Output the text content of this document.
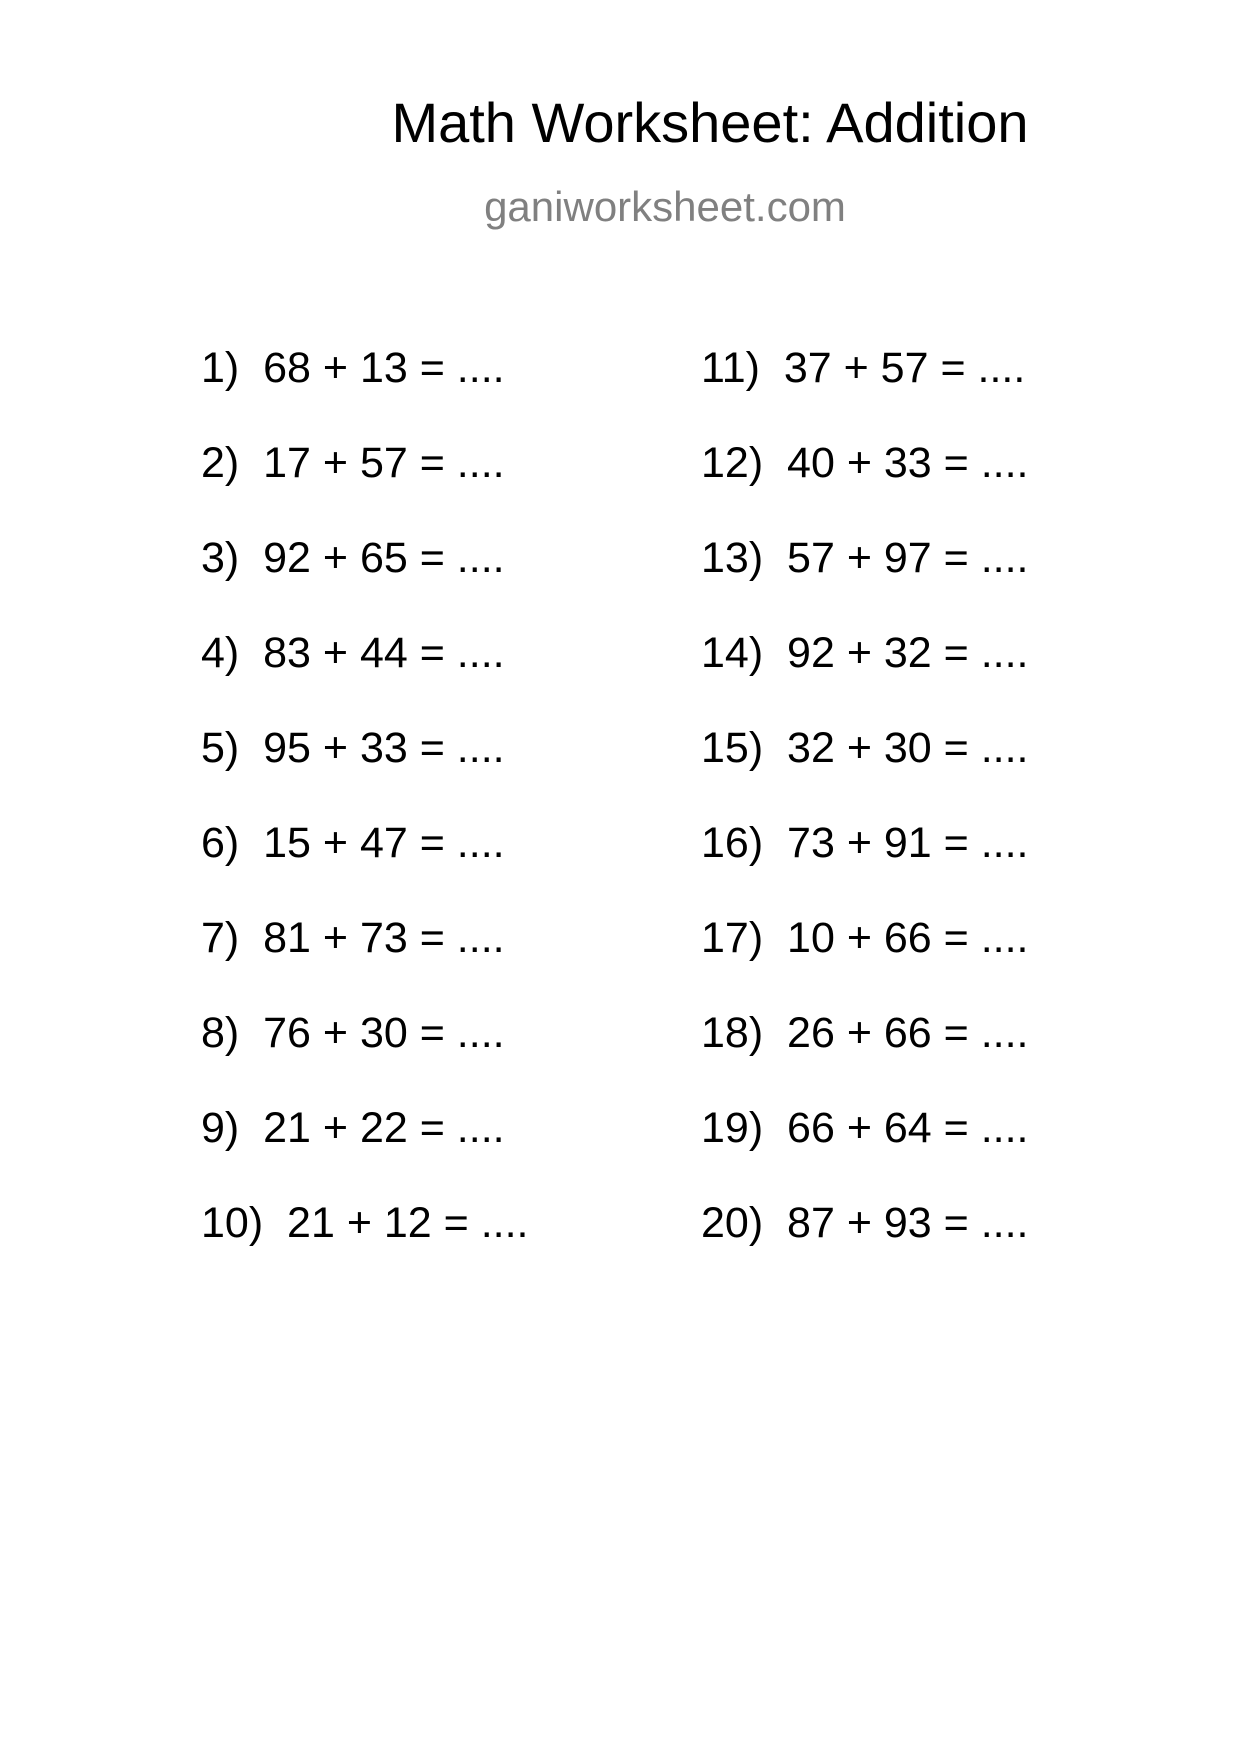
Math Worksheet: Addition
ganiworksheet.com
1)  68 + 13 = ....
2)  17 + 57 = ....
3)  92 + 65 = ....
4)  83 + 44 = ....
5)  95 + 33 = ....
6)  15 + 47 = ....
7)  81 + 73 = ....
8)  76 + 30 = ....
9)  21 + 22 = ....
10)  21 + 12 = ....
11)  37 + 57 = ....
12)  40 + 33 = ....
13)  57 + 97 = ....
14)  92 + 32 = ....
15)  32 + 30 = ....
16)  73 + 91 = ....
17)  10 + 66 = ....
18)  26 + 66 = ....
19)  66 + 64 = ....
20)  87 + 93 = ....
